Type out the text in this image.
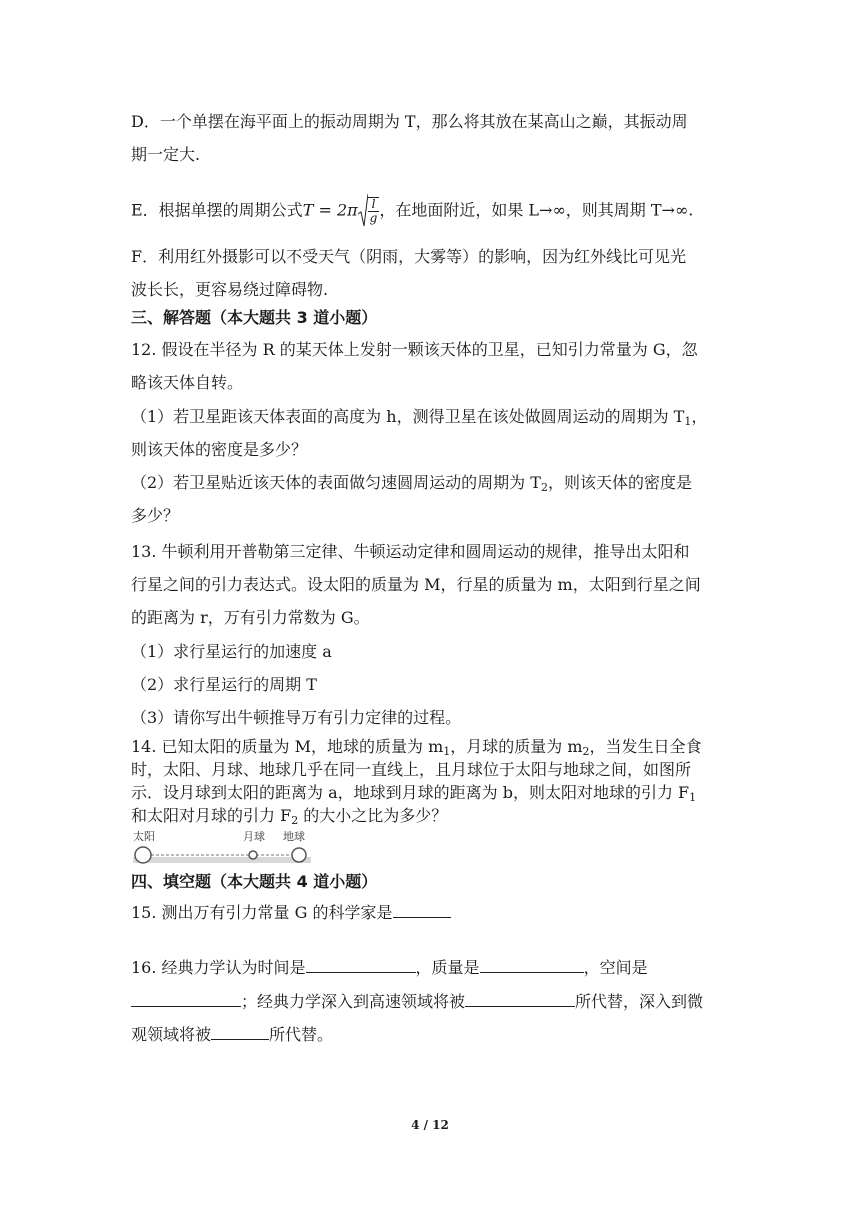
D．一个单摆在海平面上的振动周期为 T，那么将其放在某高山之巅，其振动周
期一定大.
E．根据单摆的周期公式$T = 2\pi \frac{l}{g}$ ，在地面附近，如果 L→∞，则其周期 T→∞.
F．利用红外摄影可以不受天气（阴雨，大雾等）的影响，因为红外线比可见光
波长长，更容易绕过障碍物.
三、解答题（本大题共 3 道小题）
12. 假设在半径为 R 的某天体上发射一颗该天体的卫星，已知引力常量为 G，忽
略该天体自转。
（1）若卫星距该天体表面的高度为 h，测得卫星在该处做圆周运动的周期为 $T_1$，
则该天体的密度是多少？
（2）若卫星贴近该天体的表面做匀速圆周运动的周期为 $T_2$，则该天体的密度是
多少？
13. 牛顿利用开普勒第三定律、牛顿运动定律和圆周运动的规律，推导出太阳和
行星之间的引力表达式。设太阳的质量为 M，行星的质量为 m，太阳到行星之间
的距离为 r，万有引力常数为 G。
（1）求行星运行的加速度 a
（2）求行星运行的周期 T
（3）请你写出牛顿推导万有引力定律的过程。
14. 已知太阳的质量为 M，地球的质量为 $m_1$，月球的质量为 $m_2$，当发生日全食
时，太阳、月球、地球几乎在同一直线上，且月球位于太阳与地球之间，如图所
示．设月球到太阳的距离为 a，地球到月球的距离为 b，则太阳对地球的引力 $F_1$
和太阳对月球的引力 $F_2$ 的大小之比为多少？
太阳	月球 地球
四、填空题（本大题共 4 道小题）
15. 测出万有引力常量 G 的科学家是
16. 经典力学认为时间是	，质量是	，空间是
；经典力学深入到高速领域将被	所代替，深入到微
观领域将被	所代替。
4 / 12
